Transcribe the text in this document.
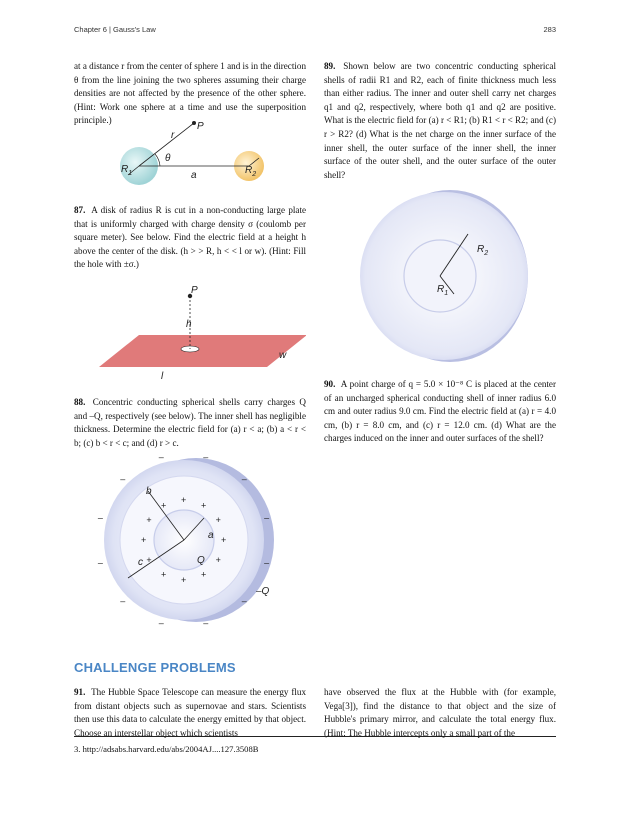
Chapter 6 | Gauss's Law	283
at a distance r from the center of sphere 1 and is in the direction θ from the line joining the two spheres assuming their charge densities are not affected by the presence of the other sphere. (Hint: Work one sphere at a time and use the superposition principle.)
P
r
θ
a
$R_1$	$R_2$
87. A disk of radius R is cut in a non-conducting large plate that is uniformly charged with charge density σ (coulomb per square meter). See below. Find the electric field at a height h above the center of the disk. (h > > R, h < < l or w). (Hint: Fill the hole with ±σ.)
P
h
w
l
88. Concentric conducting spherical shells carry charges Q and –Q, respectively (see below). The inner shell has negligible thickness. Determine the electric field for (a) r < a; (b) a < r < b; (c) b < r < c; and (d) r > c.
b
a
c	Q
–Q
+
+
+
+
+
+
+
+
+
+
+
+
–
–
–
–
–
–
–
–
–	–
–
–
89. Shown below are two concentric conducting spherical shells of radii R1 and R2, each of finite thickness much less than either radius. The inner and outer shell carry net charges q1 and q2, respectively, where both q1 and q2 are positive. What is the electric field for (a) r < R1; (b) R1 < r < R2; and (c) r > R2? (d) What is the net charge on the inner surface of the inner shell, the outer surface of the inner shell, the inner surface of the outer shell, and the outer surface of the outer shell?
$R_2$
$R_1$
90. A point charge of q = 5.0 × 10⁻⁸ C is placed at the center of an uncharged spherical conducting shell of inner radius 6.0 cm and outer radius 9.0 cm. Find the electric field at (a) r = 4.0 cm, (b) r = 8.0 cm, and (c) r = 12.0 cm. (d) What are the charges induced on the inner and outer surfaces of the shell?
CHALLENGE PROBLEMS
91. The Hubble Space Telescope can measure the energy flux from distant objects such as supernovae and stars. Scientists then use this data to calculate the energy emitted by that object. Choose an interstellar object which scientists
have observed the flux at the Hubble with (for example, Vega[3]), find the distance to that object and the size of Hubble's primary mirror, and calculate the total energy flux. (Hint: The Hubble intercepts only a small part of the
3. http://adsabs.harvard.edu/abs/2004AJ....127.3508B
